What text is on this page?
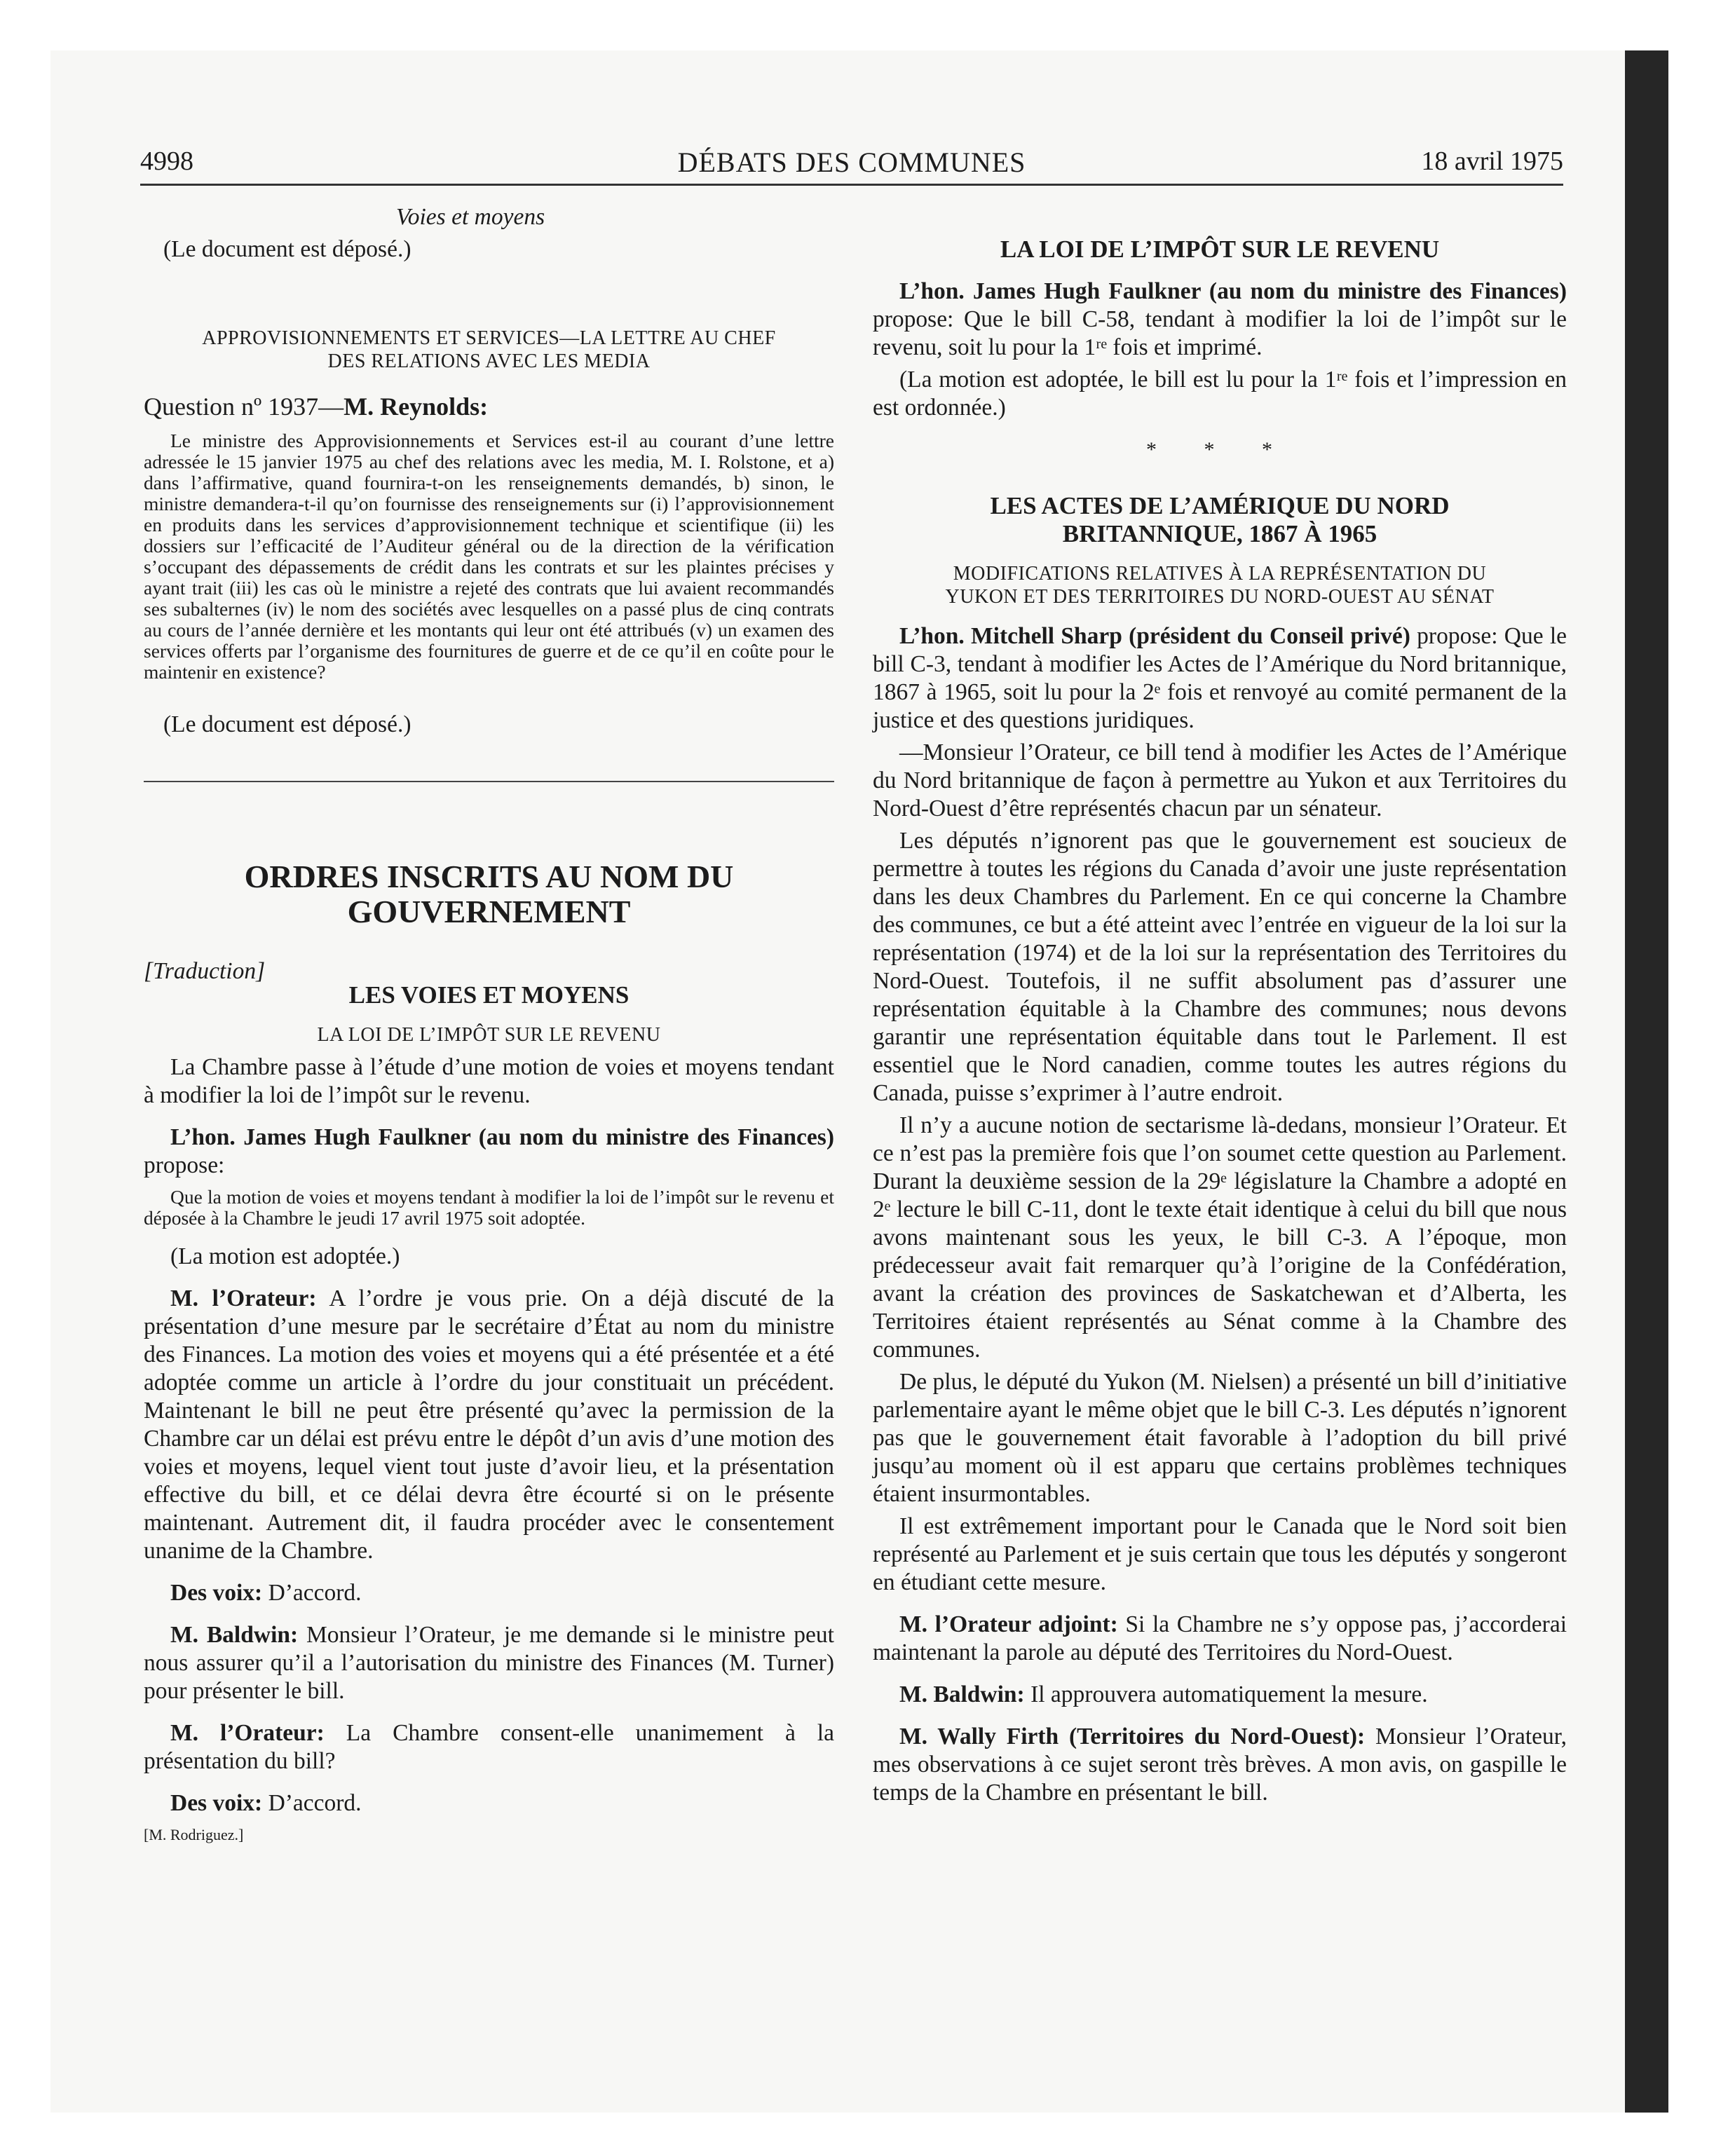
4998	DÉBATS DES COMMUNES	18 avril 1975

Voies et moyens

(Le document est déposé.)

APPROVISIONNEMENTS ET SERVICES—LA LETTRE AU CHEF

DES RELATIONS AVEC LES MEDIA

Question nº 1937—M. Reynolds:

Le ministre des Approvisionnements et Services est-il au courant d’une lettre adressée le 15 janvier 1975 au chef des relations avec les media, M. I. Rolstone, et a) dans l’affirmative, quand fournira-t-on les renseignements demandés, b) sinon, le ministre demandera-t-il qu’on fournisse des renseignements sur (i) l’approvisionnement en produits dans les services d’approvisionnement technique et scientifique (ii) les dossiers sur l’efficacité de l’Auditeur général ou de la direction de la vérification s’occupant des dépassements de crédit dans les contrats et sur les plaintes précises y ayant trait (iii) les cas où le ministre a rejeté des contrats que lui avaient recommandés ses subalternes (iv) le nom des sociétés avec lesquelles on a passé plus de cinq contrats au cours de l’année dernière et les montants qui leur ont été attribués (v) un examen des services offerts par l’organisme des fournitures de guerre et de ce qu’il en coûte pour le maintenir en existence?

(Le document est déposé.)

ORDRES INSCRITS AU NOM DU

GOUVERNEMENT

[Traduction]

LES VOIES ET MOYENS

LA LOI DE L’IMPÔT SUR LE REVENU

La Chambre passe à l’étude d’une motion de voies et moyens tendant à modifier la loi de l’impôt sur le revenu.

L’hon. James Hugh Faulkner (au nom du ministre des Finances) propose:

Que la motion de voies et moyens tendant à modifier la loi de l’impôt sur le revenu et déposée à la Chambre le jeudi 17 avril 1975 soit adoptée.

(La motion est adoptée.)

M. l’Orateur: A l’ordre je vous prie. On a déjà discuté de la présentation d’une mesure par le secrétaire d’État au nom du ministre des Finances. La motion des voies et moyens qui a été présentée et a été adoptée comme un article à l’ordre du jour constituait un précédent. Maintenant le bill ne peut être présenté qu’avec la permission de la Chambre car un délai est prévu entre le dépôt d’un avis d’une motion des voies et moyens, lequel vient tout juste d’avoir lieu, et la présentation effective du bill, et ce délai devra être écourté si on le présente maintenant. Autrement dit, il faudra procéder avec le consentement unanime de la Chambre.

Des voix: D’accord.

M. Baldwin: Monsieur l’Orateur, je me demande si le ministre peut nous assurer qu’il a l’autorisation du ministre des Finances (M. Turner) pour présenter le bill.

M. l’Orateur: La Chambre consent-elle unanimement à la présentation du bill?

Des voix: D’accord.

[M. Rodriguez.]

LA LOI DE L’IMPÔT SUR LE REVENU

L’hon. James Hugh Faulkner (au nom du ministre des Finances) propose: Que le bill C-58, tendant à modifier la loi de l’impôt sur le revenu, soit lu pour la 1ʳᵉ fois et imprimé.

(La motion est adoptée, le bill est lu pour la 1ʳᵉ fois et l’impression en est ordonnée.)

* * *

LES ACTES DE L’AMÉRIQUE DU NORD

BRITANNIQUE, 1867 À 1965

MODIFICATIONS RELATIVES À LA REPRÉSENTATION DU

YUKON ET DES TERRITOIRES DU NORD-OUEST AU SÉNAT

L’hon. Mitchell Sharp (président du Conseil privé) propose: Que le bill C-3, tendant à modifier les Actes de l’Amérique du Nord britannique, 1867 à 1965, soit lu pour la 2ᵉ fois et renvoyé au comité permanent de la justice et des questions juridiques.

—Monsieur l’Orateur, ce bill tend à modifier les Actes de l’Amérique du Nord britannique de façon à permettre au Yukon et aux Territoires du Nord-Ouest d’être représentés chacun par un sénateur.

Les députés n’ignorent pas que le gouvernement est soucieux de permettre à toutes les régions du Canada d’avoir une juste représentation dans les deux Chambres du Parlement. En ce qui concerne la Chambre des communes, ce but a été atteint avec l’entrée en vigueur de la loi sur la représentation (1974) et de la loi sur la représentation des Territoires du Nord-Ouest. Toutefois, il ne suffit absolument pas d’assurer une représentation équitable à la Chambre des communes; nous devons garantir une représentation équitable dans tout le Parlement. Il est essentiel que le Nord canadien, comme toutes les autres régions du Canada, puisse s’exprimer à l’autre endroit.

Il n’y a aucune notion de sectarisme là-dedans, monsieur l’Orateur. Et ce n’est pas la première fois que l’on soumet cette question au Parlement. Durant la deuxième session de la 29ᵉ législature la Chambre a adopté en 2ᵉ lecture le bill C-11, dont le texte était identique à celui du bill que nous avons maintenant sous les yeux, le bill C-3. A l’époque, mon prédecesseur avait fait remarquer qu’à l’origine de la Confédération, avant la création des provinces de Saskatchewan et d’Alberta, les Territoires étaient représentés au Sénat comme à la Chambre des communes.

De plus, le député du Yukon (M. Nielsen) a présenté un bill d’initiative parlementaire ayant le même objet que le bill C-3. Les députés n’ignorent pas que le gouvernement était favorable à l’adoption du bill privé jusqu’au moment où il est apparu que certains problèmes techniques étaient insurmontables.

Il est extrêmement important pour le Canada que le Nord soit bien représenté au Parlement et je suis certain que tous les députés y songeront en étudiant cette mesure.

M. l’Orateur adjoint: Si la Chambre ne s’y oppose pas, j’accorderai maintenant la parole au député des Territoires du Nord-Ouest.

M. Baldwin: Il approuvera automatiquement la mesure.

M. Wally Firth (Territoires du Nord-Ouest): Monsieur l’Orateur, mes observations à ce sujet seront très brèves. A mon avis, on gaspille le temps de la Chambre en présentant le bill.
